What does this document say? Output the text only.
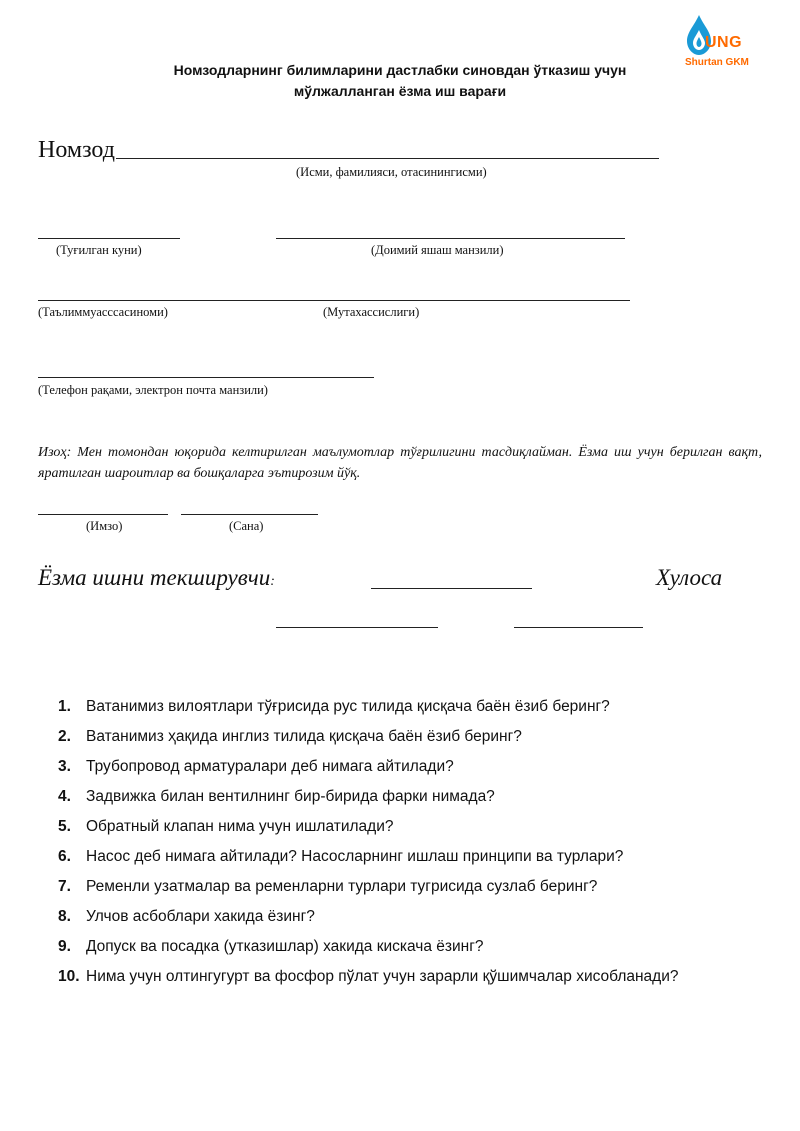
UNG
Shurtan GKM
Номзодларнинг билимларини дастлабки синовдан ўтказиш учун
мўлжалланган ёзма иш варағи
Номзод
(Исми, фамилияси, отасинингисми)
(Туғилган куни)	(Доимий яшаш манзили)
(Таълиммуасссасиноми)	(Мутахассислиги)
(Телефон рақами, электрон почта манзили)
Изоҳ: Мен томондан юқорида келтирилган маълумотлар тўғрилигини тасдиқлайман. Ёзма иш учун берилган вақт, яратилган шароитлар ва бошқаларга эътирозим йўқ.
(Имзо)	(Сана)
Ёзма ишни текширувчи:	Хулоса
1. Ватанимиз вилоятлари тўғрисида рус тилида қисқача баён ёзиб беринг?
2. Ватанимиз ҳақида инглиз тилида қисқача баён ёзиб беринг?
3. Трубопровод арматуралари деб нимага айтилади?
4. Задвижка билан вентилнинг бир-бирида фарки нимада?
5. Обратный клапан нима учун ишлатилади?
6. Насос деб нимага айтилади? Насосларнинг ишлаш принципи ва турлари?
7. Ременли узатмалар ва ременларни турлари тугрисида сузлаб беринг?
8. Улчов асбоблари хакида ёзинг?
9. Допуск ва посадка (утказишлар) хакида кискача ёзинг?
10. Нима учун олтингугурт ва фосфор пўлат учун зарарли қўшимчалар хисобланади?
